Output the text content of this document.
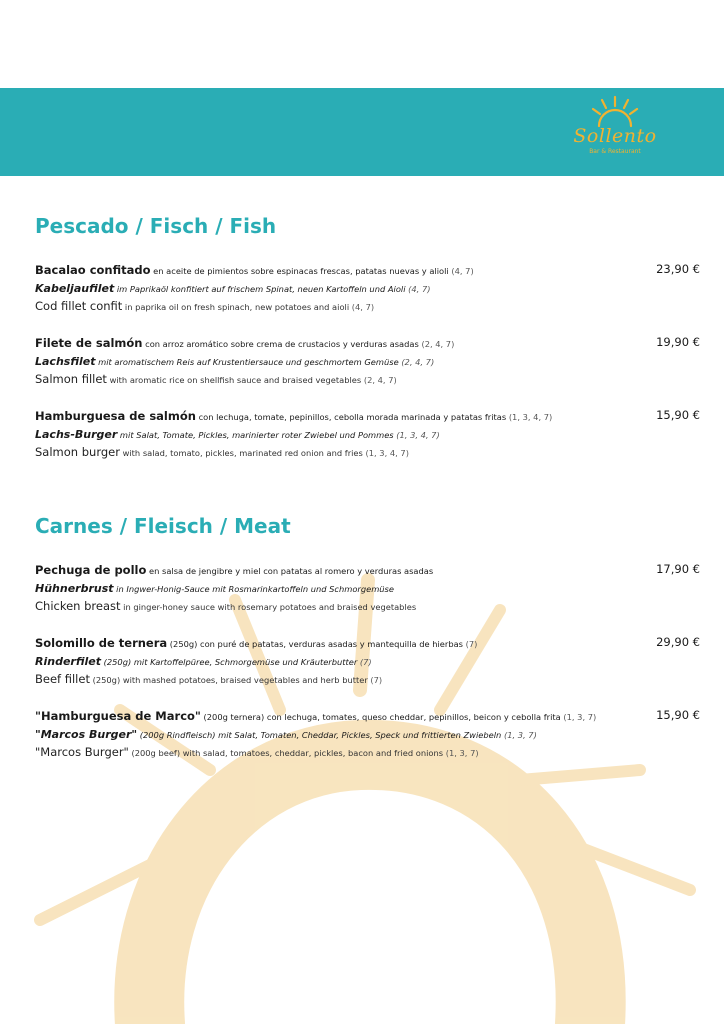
Sollento
Bar & Restaurant
Pescado / Fisch / Fish
Bacalao confitado en aceite de pimientos sobre espinacas frescas, patatas nuevas y alioli (4, 7)
Kabeljaufilet im Paprikaöl konfitiert auf frischem Spinat, neuen Kartoffeln und Aioli (4, 7)
Cod fillet confit in paprika oil on fresh spinach, new potatoes and aioli (4, 7)
23,90 €
Filete de salmón con arroz aromático sobre crema de crustacios y verduras asadas (2, 4, 7)
Lachsfilet mit aromatischem Reis auf Krustentiersauce und geschmortem Gemüse (2, 4, 7)
Salmon fillet with aromatic rice on shellfish sauce and braised vegetables (2, 4, 7)
19,90 €
Hamburguesa de salmón con lechuga, tomate, pepinillos, cebolla morada marinada y patatas fritas (1, 3, 4, 7)
Lachs-Burger mit Salat, Tomate, Pickles, marinierter roter Zwiebel und Pommes (1, 3, 4, 7)
Salmon burger with salad, tomato, pickles, marinated red onion and fries (1, 3, 4, 7)
15,90 €
Carnes / Fleisch / Meat
Pechuga de pollo en salsa de jengibre y miel con patatas al romero y verduras asadas
Hühnerbrust in Ingwer-Honig-Sauce mit Rosmarinkartoffeln und Schmorgemüse
Chicken breast in ginger-honey sauce with rosemary potatoes and braised vegetables
17,90 €
Solomillo de ternera (250g) con puré de patatas, verduras asadas y mantequilla de hierbas (7)
Rinderfilet (250g) mit Kartoffelpüree, Schmorgemüse und Kräuterbutter (7)
Beef fillet (250g) with mashed potatoes, braised vegetables and herb butter (7)
29,90 €
"Hamburguesa de Marco" (200g ternera) con lechuga, tomates, queso cheddar, pepinillos, beicon y cebolla frita (1, 3, 7)
"Marcos Burger" (200g Rindfleisch) mit Salat, Tomaten, Cheddar, Pickles, Speck und frittierten Zwiebeln (1, 3, 7)
"Marcos Burger" (200g beef) with salad, tomatoes, cheddar, pickles, bacon and fried onions (1, 3, 7)
15,90 €
